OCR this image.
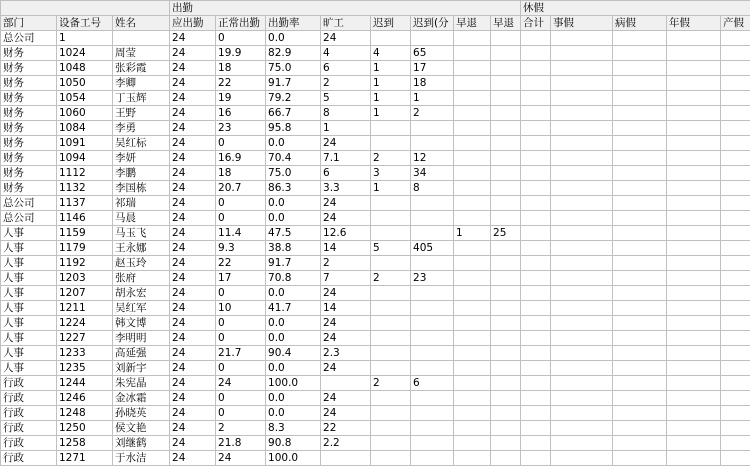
			出勤								休假				
部门	设备工号	姓名	应出勤	正常出勤	出勤率	旷工	迟到	迟到(分	早退	早退	合计	事假	病假	年假	产假
总公司	1		24	0	0.0	24									
财务	1024	周莹	24	19.9	82.9	4	4	65							
财务	1048	张彩霞	24	18	75.0	6	1	17							
财务	1050	李卿	24	22	91.7	2	1	18							
财务	1054	丁玉辉	24	19	79.2	5	1	1							
财务	1060	王野	24	16	66.7	8	1	2							
财务	1084	李勇	24	23	95.8	1									
财务	1091	吴红标	24	0	0.0	24									
财务	1094	李妍	24	16.9	70.4	7.1	2	12							
财务	1112	李鹏	24	18	75.0	6	3	34							
财务	1132	李国栋	24	20.7	86.3	3.3	1	8							
总公司	1137	祁瑞	24	0	0.0	24									
总公司	1146	马晨	24	0	0.0	24									
人事	1159	马玉飞	24	11.4	47.5	12.6			1	25					
人事	1179	王永娜	24	9.3	38.8	14	5	405							
人事	1192	赵玉玲	24	22	91.7	2									
人事	1203	张府	24	17	70.8	7	2	23							
人事	1207	胡永宏	24	0	0.0	24									
人事	1211	吴红军	24	10	41.7	14									
人事	1224	韩文博	24	0	0.0	24									
人事	1227	李明明	24	0	0.0	24									
人事	1233	高延强	24	21.7	90.4	2.3									
人事	1235	刘新宇	24	0	0.0	24									
行政	1244	朱宪晶	24	24	100.0		2	6							
行政	1246	金冰霜	24	0	0.0	24									
行政	1248	孙晓英	24	0	0.0	24									
行政	1250	侯文艳	24	2	8.3	22									
行政	1258	刘继鹤	24	21.8	90.8	2.2									
行政	1271	于水洁	24	24	100.0										
